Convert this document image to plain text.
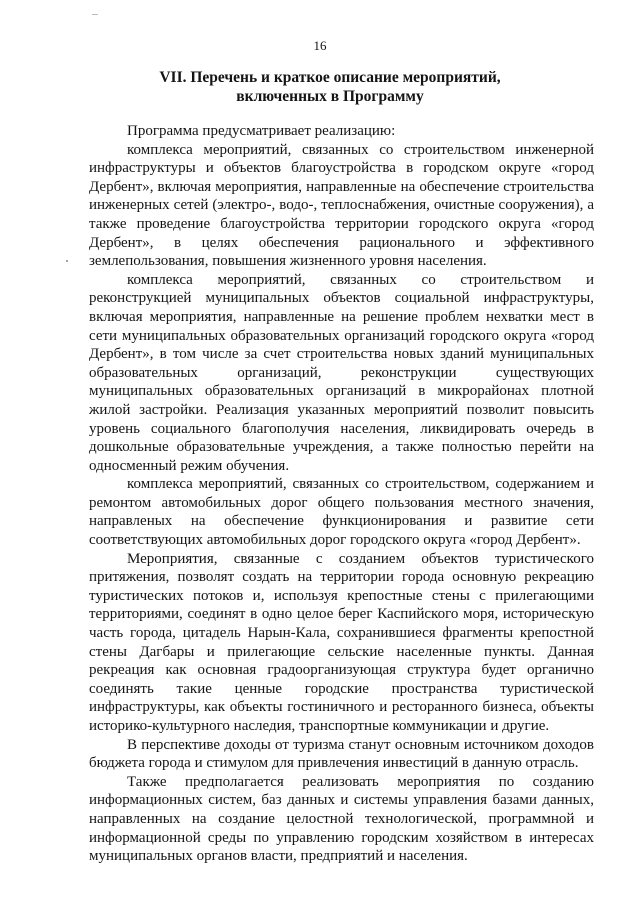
16
VII. Перечень и краткое описание мероприятий,
включенных в Программу

Программа предусматривает реализацию:

комплекса мероприятий, связанных со строительством инженерной инфраструктуры и объектов благоустройства в городском округе «город Дербент», включая мероприятия, направленные на обеспечение строительства инженерных сетей (электро-, водо-, теплоснабжения, очистные сооружения), а также проведение благоустройства территории городского округа «город Дербент», в целях обеспечения рационального и эффективного землепользования, повышения жизненного уровня населения.

комплекса мероприятий, связанных со строительством и реконструкцией муниципальных объектов социальной инфраструктуры, включая мероприятия, направленные на решение проблем нехватки мест в сети муниципальных образовательных организаций городского округа «город Дербент», в том числе за счет строительства новых зданий муниципальных образовательных организаций, реконструкции существующих муниципальных образовательных организаций в микрорайонах плотной жилой застройки. Реализация указанных мероприятий позволит повысить уровень социального благополучия населения, ликвидировать очередь в дошкольные образовательные учреждения, а также полностью перейти на односменный режим обучения.

комплекса мероприятий, связанных со строительством, содержанием и ремонтом автомобильных дорог общего пользования местного значения, направленых на обеспечение функционирования и развитие сети соответствующих автомобильных дорог городского округа «город Дербент».

Мероприятия, связанные с созданием объектов туристического притяжения, позволят создать на территории города основную рекреацию туристических потоков и, используя крепостные стены с прилегающими территориями, соединят в одно целое берег Каспийского моря, историческую часть города, цитадель Нарын-Кала, сохранившиеся фрагменты крепостной стены Дагбары и прилегающие сельские населенные пункты. Данная рекреация как основная градоорганизующая структура будет органично соединять такие ценные городские пространства туристической инфраструктуры, как объекты гостиничного и ресторанного бизнеса, объекты историко-культурного наследия, транспортные коммуникации и другие.

В перспективе доходы от туризма станут основным источником доходов бюджета города и стимулом для привлечения инвестиций в данную отрасль.

Также предполагается реализовать мероприятия по созданию информационных систем, баз данных и системы управления базами данных, направленных на создание целостной технологической, программной и информационной среды по управлению городским хозяйством в интересах муниципальных органов власти, предприятий и населения.
